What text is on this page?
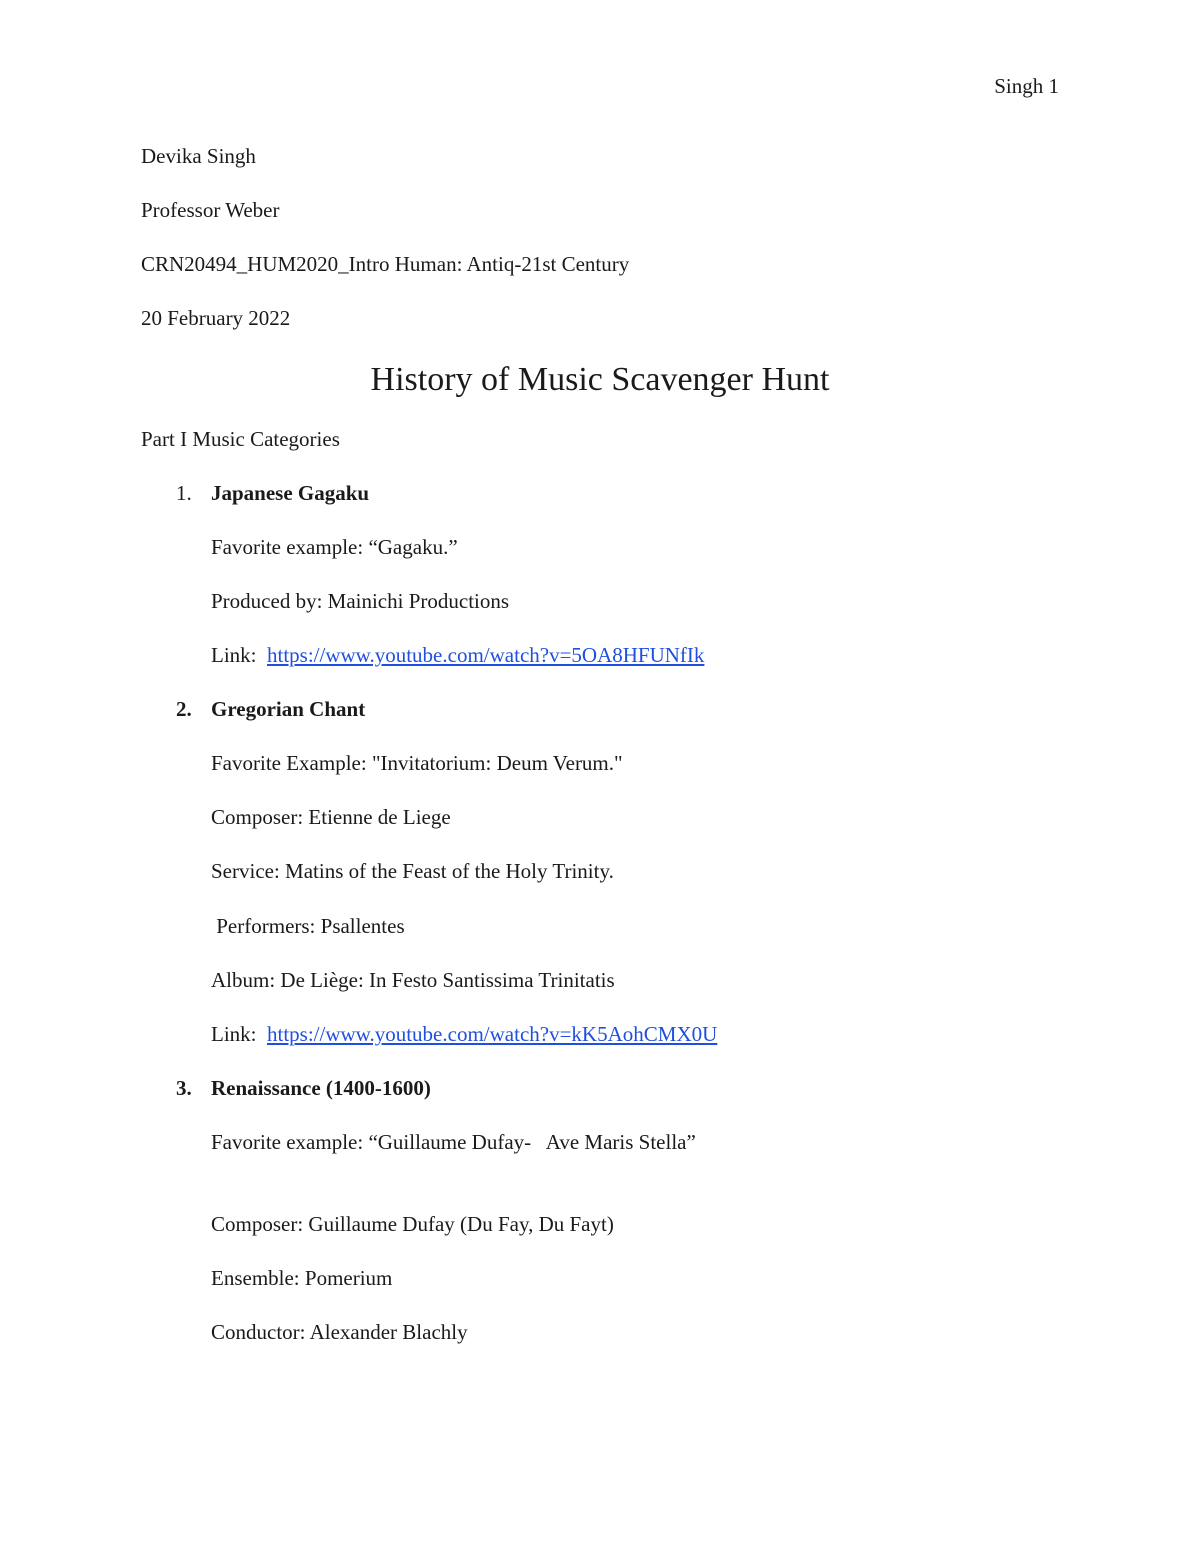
Singh 1
Devika Singh
Professor Weber
CRN20494_HUM2020_Intro Human: Antiq-21st Century
20 February 2022
History of Music Scavenger Hunt
Part I Music Categories
1. Japanese Gagaku
Favorite example: “Gagaku.”
Produced by: Mainichi Productions
Link: https://www.youtube.com/watch?v=5OA8HFUNfIk
2. Gregorian Chant
Favorite Example: "Invitatorium: Deum Verum."
Composer: Etienne de Liege
Service: Matins of the Feast of the Holy Trinity.
Performers: Psallentes
Album: De Liège: In Festo Santissima Trinitatis
Link: https://www.youtube.com/watch?v=kK5AohCMX0U
3. Renaissance (1400-1600)
Favorite example: “Guillaume Dufay-   Ave Maris Stella”
Composer: Guillaume Dufay (Du Fay, Du Fayt)
Ensemble: Pomerium
Conductor: Alexander Blachly
